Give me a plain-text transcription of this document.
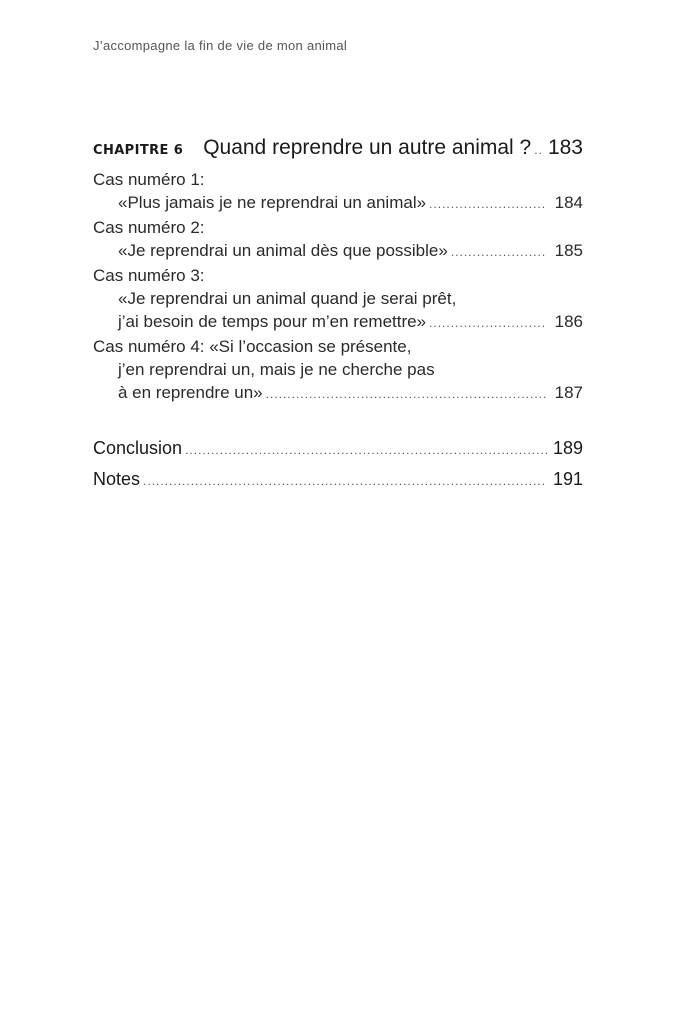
J’accompagne la fin de vie de mon animal
CHAPITRE 6 Quand reprendre un autre animal ? ..... 183
Cas numéro 1:
«Plus jamais je ne reprendrai un animal» .....	184
Cas numéro 2:
«Je reprendrai un animal dès que possible» .....	185
Cas numéro 3:
«Je reprendrai un animal quand je serai prêt,
j’ai besoin de temps pour m’en remettre» .....	186
Cas numéro 4: «Si l’occasion se présente,
j’en reprendrai un, mais je ne cherche pas
à en reprendre un» .....	187
Conclusion .....	189
Notes .....	191
